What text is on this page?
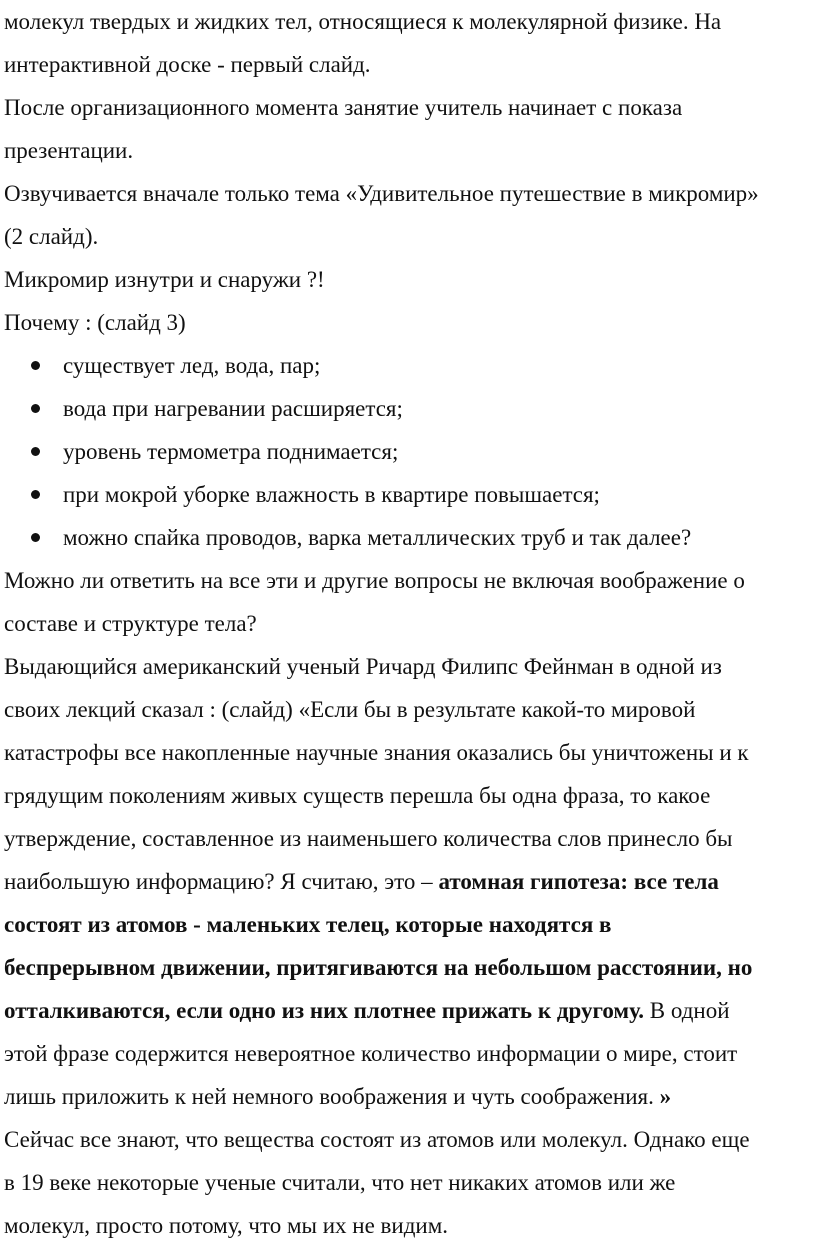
молекул твердых и жидких тел, относящиеся к молекулярной физике. На
интерактивной доске - первый слайд.
После организационного момента занятие учитель начинает с показа
презентации.
Озвучивается вначале только тема «Удивительное путешествие в микромир»
(2 слайд).
Микромир изнутри и снаружи ?!
Почему : (слайд 3)
существует лед, вода, пар;
вода при нагревании расширяется;
уровень термометра поднимается;
при мокрой уборке влажность в квартире повышается;
можно спайка проводов, варка металлических труб и так далее?
Можно ли ответить на все эти и другие вопросы не включая воображение о
составе и структуре тела?
Выдающийся американский ученый Ричард Филипс Фейнман в одной из
своих лекций сказал : (слайд) «Если бы в результате какой-то мировой
катастрофы все накопленные научные знания оказались бы уничтожены и к
грядущим поколениям живых существ перешла бы одна фраза, то какое
утверждение, составленное из наименьшего количества слов принесло бы
наибольшую информацию? Я считаю, это – атомная гипотеза: все тела
состоят из атомов - маленьких телец, которые находятся в
беспрерывном движении, притягиваются на небольшом расстоянии, но
отталкиваются, если одно из них плотнее прижать к другому. В одной
этой фразе содержится невероятное количество информации о мире, стоит
лишь приложить к ней немного воображения и чуть соображения. »
Сейчас все знают, что вещества состоят из атомов или молекул. Однако еще
в 19 веке некоторые ученые считали, что нет никаких атомов или же
молекул, просто потому, что мы их не видим.
